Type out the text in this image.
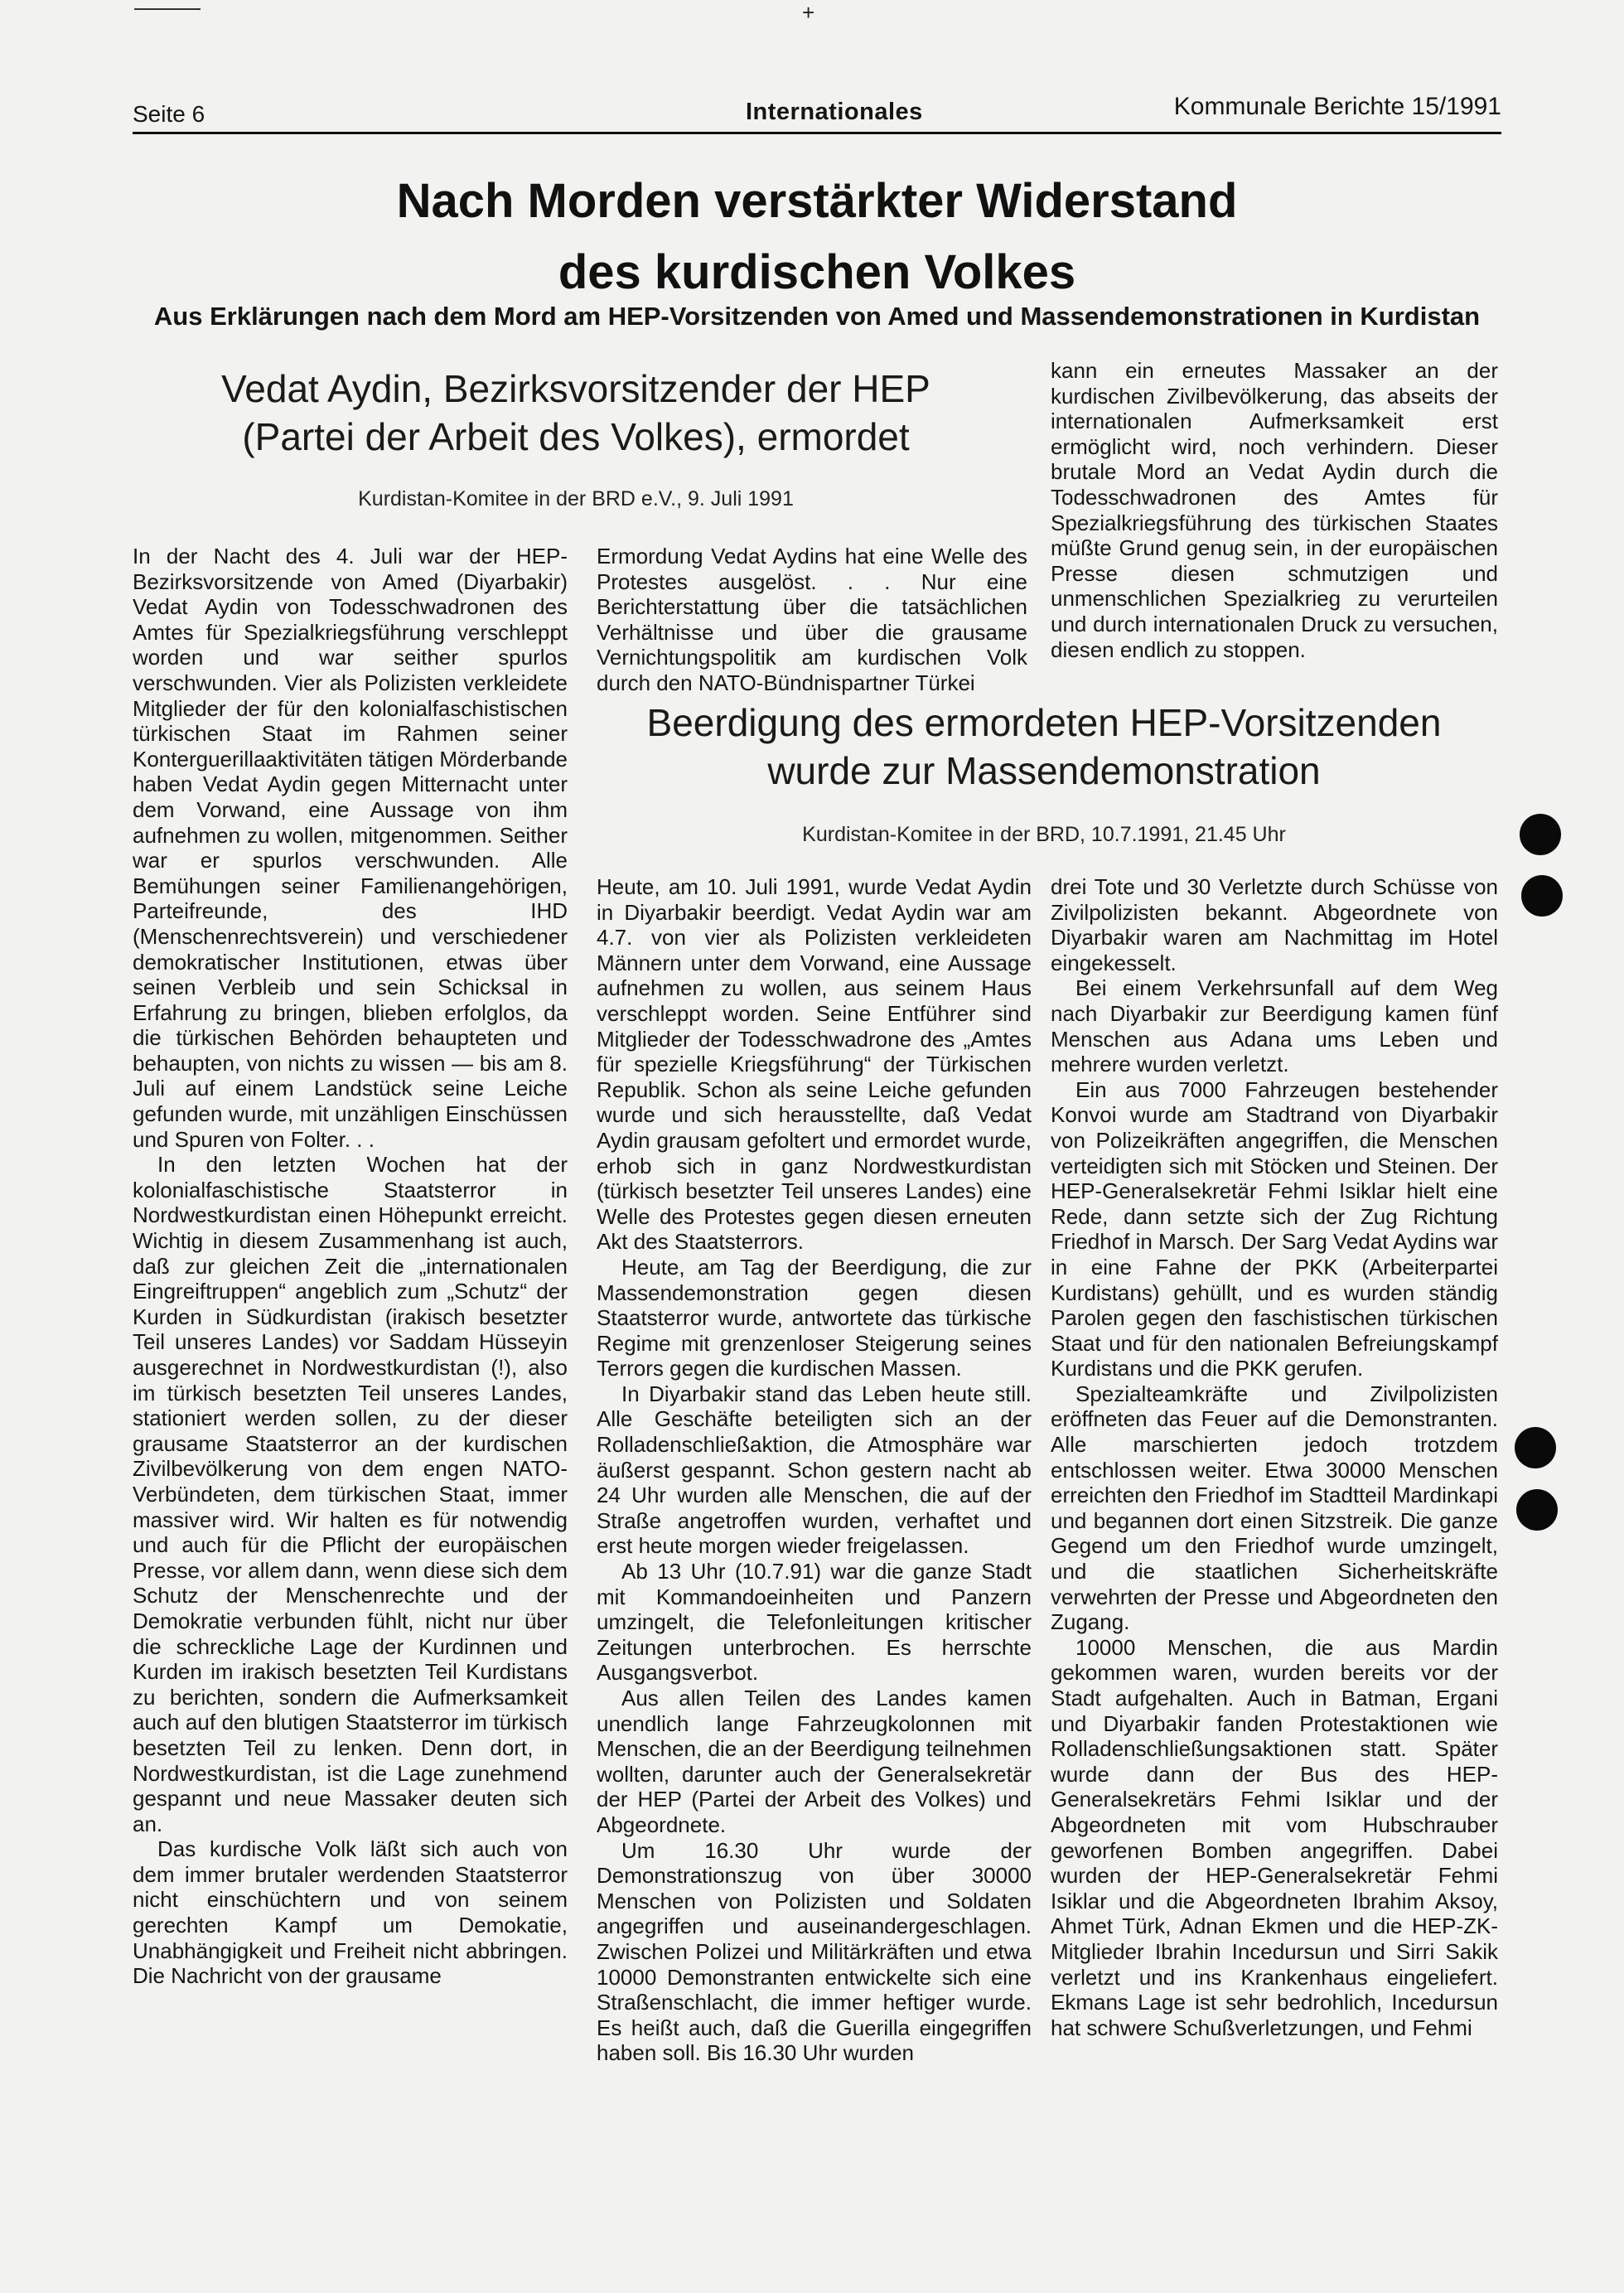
+
Seite 6	Internationales	Kommunale Berichte 15/1991
Nach Morden verstärkter Widerstand
des kurdischen Volkes

Aus Erklärungen nach dem Mord am HEP-Vorsitzenden von Amed und Massendemonstrationen in Kurdistan

Vedat Aydin, Bezirksvorsitzender der HEP
(Partei der Arbeit des Volkes), ermordet

Kurdistan-Komitee in der BRD e.V., 9. Juli 1991

In der Nacht des 4. Juli war der HEP-Bezirksvorsitzende von Amed (Diyarbakir) Vedat Aydin von Todesschwadronen des Amtes für Spezialkriegsführung verschleppt worden und war seither spurlos verschwunden. Vier als Polizisten verkleidete Mitglieder der für den kolonialfaschistischen türkischen Staat im Rahmen seiner Konterguerillaaktivitäten tätigen Mörderbande haben Vedat Aydin gegen Mitternacht unter dem Vorwand, eine Aussage von ihm aufnehmen zu wollen, mitgenommen. Seither war er spurlos verschwunden. Alle Bemühungen seiner Familienangehörigen, Parteifreunde, des IHD (Menschenrechtsverein) und verschiedener demokratischer Institutionen, etwas über seinen Verbleib und sein Schicksal in Erfahrung zu bringen, blieben erfolglos, da die türkischen Behörden behaupteten und behaupten, von nichts zu wissen — bis am 8. Juli auf einem Landstück seine Leiche gefunden wurde, mit unzähligen Einschüssen und Spuren von Folter. . .

In den letzten Wochen hat der kolonialfaschistische Staatsterror in Nordwestkurdistan einen Höhepunkt erreicht. Wichtig in diesem Zusammenhang ist auch, daß zur gleichen Zeit die „internationalen Eingreiftruppen“ angeblich zum „Schutz“ der Kurden in Südkurdistan (irakisch besetzter Teil unseres Landes) vor Saddam Hüsseyin ausgerechnet in Nordwestkurdistan (!), also im türkisch besetzten Teil unseres Landes, stationiert werden sollen, zu der dieser grausame Staatsterror an der kurdischen Zivilbevölkerung von dem engen NATO-Verbündeten, dem türkischen Staat, immer massiver wird. Wir halten es für notwendig und auch für die Pflicht der europäischen Presse, vor allem dann, wenn diese sich dem Schutz der Menschenrechte und der Demokratie verbunden fühlt, nicht nur über die schreckliche Lage der Kurdinnen und Kurden im irakisch besetzten Teil Kurdistans zu berichten, sondern die Aufmerksamkeit auch auf den blutigen Staatsterror im türkisch besetzten Teil zu lenken. Denn dort, in Nordwestkurdistan, ist die Lage zunehmend gespannt und neue Massaker deuten sich an.

Das kurdische Volk läßt sich auch von dem immer brutaler werdenden Staatsterror nicht einschüchtern und von seinem gerechten Kampf um Demokatie, Unabhängigkeit und Freiheit nicht abbringen. Die Nachricht von der grausame

Ermordung Vedat Aydins hat eine Welle des Protestes ausgelöst. . . Nur eine Berichterstattung über die tatsächlichen Verhältnisse und über die grausame Vernichtungspolitik am kurdischen Volk durch den NATO-Bündnispartner Türkei

kann ein erneutes Massaker an der kurdischen Zivilbevölkerung, das abseits der internationalen Aufmerksamkeit erst ermöglicht wird, noch verhindern. Dieser brutale Mord an Vedat Aydin durch die Todesschwadronen des Amtes für Spezialkriegsführung des türkischen Staates müßte Grund genug sein, in der europäischen Presse diesen schmutzigen und unmenschlichen Spezialkrieg zu verurteilen und durch internationalen Druck zu versuchen, diesen endlich zu stoppen.

Beerdigung des ermordeten HEP-Vorsitzenden
wurde zur Massendemonstration

Kurdistan-Komitee in der BRD, 10.7.1991, 21.45 Uhr

Heute, am 10. Juli 1991, wurde Vedat Aydin in Diyarbakir beerdigt. Vedat Aydin war am 4.7. von vier als Polizisten verkleideten Männern unter dem Vorwand, eine Aussage aufnehmen zu wollen, aus seinem Haus verschleppt worden. Seine Entführer sind Mitglieder der Todesschwadrone des „Amtes für spezielle Kriegsführung“ der Türkischen Republik. Schon als seine Leiche gefunden wurde und sich herausstellte, daß Vedat Aydin grausam gefoltert und ermordet wurde, erhob sich in ganz Nordwestkurdistan (türkisch besetzter Teil unseres Landes) eine Welle des Protestes gegen diesen erneuten Akt des Staatsterrors.

Heute, am Tag der Beerdigung, die zur Massendemonstration gegen diesen Staatsterror wurde, antwortete das türkische Regime mit grenzenloser Steigerung seines Terrors gegen die kurdischen Massen.

In Diyarbakir stand das Leben heute still. Alle Geschäfte beteiligten sich an der Rolladenschließaktion, die Atmosphäre war äußerst gespannt. Schon gestern nacht ab 24 Uhr wurden alle Menschen, die auf der Straße angetroffen wurden, verhaftet und erst heute morgen wieder freigelassen.

Ab 13 Uhr (10.7.91) war die ganze Stadt mit Kommandoeinheiten und Panzern umzingelt, die Telefonleitungen kritischer Zeitungen unterbrochen. Es herrschte Ausgangsverbot.

Aus allen Teilen des Landes kamen unendlich lange Fahrzeugkolonnen mit Menschen, die an der Beerdigung teilnehmen wollten, darunter auch der Generalsekretär der HEP (Partei der Arbeit des Volkes) und Abgeordnete.

Um 16.30 Uhr wurde der Demonstrationszug von über 30000 Menschen von Polizisten und Soldaten angegriffen und auseinandergeschlagen. Zwischen Polizei und Militärkräften und etwa 10000 Demonstranten entwickelte sich eine Straßenschlacht, die immer heftiger wurde. Es heißt auch, daß die Guerilla eingegriffen haben soll. Bis 16.30 Uhr wurden

drei Tote und 30 Verletzte durch Schüsse von Zivilpolizisten bekannt. Abgeordnete von Diyarbakir waren am Nachmittag im Hotel eingekesselt.

Bei einem Verkehrsunfall auf dem Weg nach Diyarbakir zur Beerdigung kamen fünf Menschen aus Adana ums Leben und mehrere wurden verletzt.

Ein aus 7000 Fahrzeugen bestehender Konvoi wurde am Stadtrand von Diyarbakir von Polizeikräften angegriffen, die Menschen verteidigten sich mit Stöcken und Steinen. Der HEP-Generalsekretär Fehmi Isiklar hielt eine Rede, dann setzte sich der Zug Richtung Friedhof in Marsch. Der Sarg Vedat Aydins war in eine Fahne der PKK (Arbeiterpartei Kurdistans) gehüllt, und es wurden ständig Parolen gegen den faschistischen türkischen Staat und für den nationalen Befreiungskampf Kurdistans und die PKK gerufen.

Spezialteamkräfte und Zivilpolizisten eröffneten das Feuer auf die Demonstranten. Alle marschierten jedoch trotzdem entschlossen weiter. Etwa 30000 Menschen erreichten den Friedhof im Stadtteil Mardinkapi und begannen dort einen Sitzstreik. Die ganze Gegend um den Friedhof wurde umzingelt, und die staatlichen Sicherheitskräfte verwehrten der Presse und Abgeordneten den Zugang.

10000 Menschen, die aus Mardin gekommen waren, wurden bereits vor der Stadt aufgehalten. Auch in Batman, Ergani und Diyarbakir fanden Protestaktionen wie Rolladenschließungsaktionen statt. Später wurde dann der Bus des HEP-Generalsekretärs Fehmi Isiklar und der Abgeordneten mit vom Hubschrauber geworfenen Bomben angegriffen. Dabei wurden der HEP-Generalsekretär Fehmi Isiklar und die Abgeordneten Ibrahim Aksoy, Ahmet Türk, Adnan Ekmen und die HEP-ZK-Mitglieder Ibrahin Incedursun und Sirri Sakik verletzt und ins Krankenhaus eingeliefert. Ekmans Lage ist sehr bedrohlich, Incedursun hat schwere Schußverletzungen, und Fehmi
